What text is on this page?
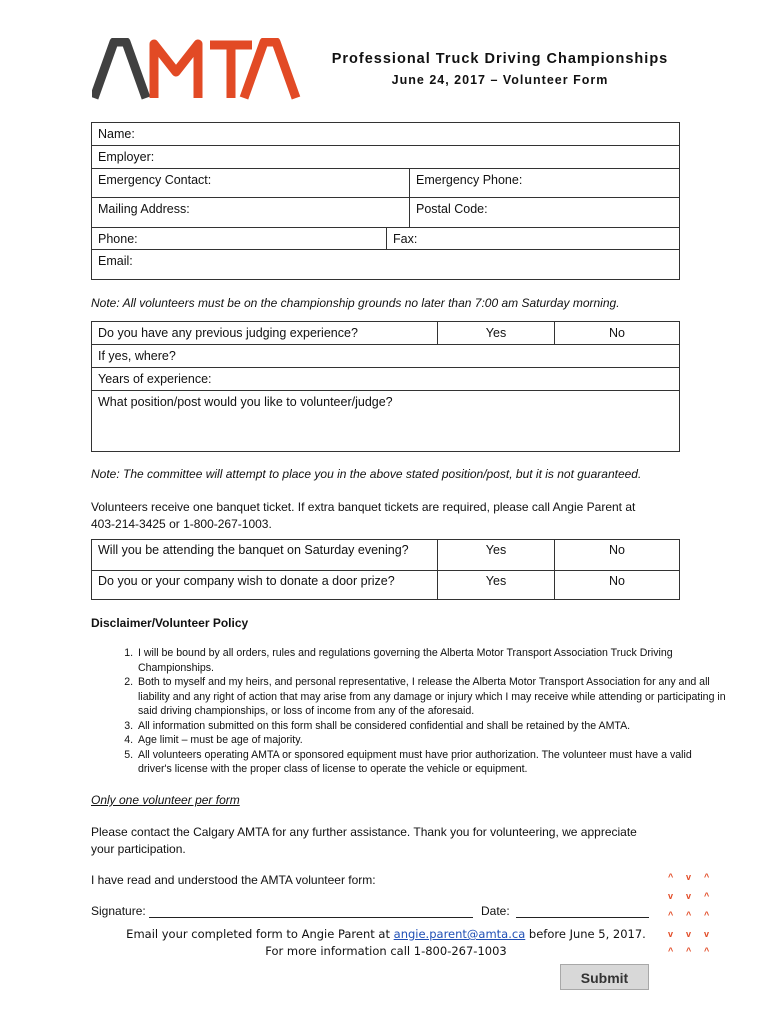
Professional Truck Driving Championships
June 24, 2017 – Volunteer Form
Name:
Employer:
Emergency Contact:	Emergency Phone:
Mailing Address:	Postal Code:
Phone:	Fax:
Email:
Note: All volunteers must be on the championship grounds no later than 7:00 am Saturday morning.
Do you have any previous judging experience?	Yes	No
If yes, where?
Years of experience:
What position/post would you like to volunteer/judge?
Note: The committee will attempt to place you in the above stated position/post, but it is not guaranteed.
Volunteers receive one banquet ticket. If extra banquet tickets are required, please call Angie Parent at
403-214-3425 or 1-800-267-1003.
Will you be attending the banquet on Saturday evening?	Yes	No
Do you or your company wish to donate a door prize?	Yes	No
Disclaimer/Volunteer Policy
1. I will be bound by all orders, rules and regulations governing the Alberta Motor Transport Association Truck Driving Championships.
2. Both to myself and my heirs, and personal representative, I release the Alberta Motor Transport Association for any and all liability and any right of action that may arise from any damage or injury which I may receive while attending or participating in said driving championships, or loss of income from any of the aforesaid.
3. All information submitted on this form shall be considered confidential and shall be retained by the AMTA.
4. Age limit – must be age of majority.
5. All volunteers operating AMTA or sponsored equipment must have prior authorization. The volunteer must have a valid driver's license with the proper class of license to operate the vehicle or equipment.
Only one volunteer per form
Please contact the Calgary AMTA for any further assistance. Thank you for volunteering, we appreciate
your participation.
I have read and understood the AMTA volunteer form:
Signature:	Date:
Email your completed form to Angie Parent at angie.parent@amta.ca before June 5, 2017.
For more information call 1-800-267-1003
Submit
^ v ^
v v ^
^ ^ ^
v v v
^ ^ ^
